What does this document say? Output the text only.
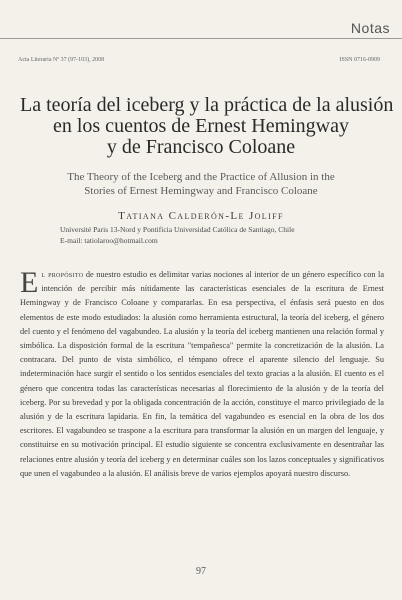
Notas
Acta Literaria Nº 37 (97-103), 2008	ISSN 0716-0909
La teoría del iceberg y la práctica de la alusión
en los cuentos de Ernest Hemingway
y de Francisco Coloane
The Theory of the Iceberg and the Practice of Allusion in the
Stories of Ernest Hemingway and Francisco Coloane
Tatiana Calderón-Le Joliff
Université Paris 13-Nord y Pontificia Universidad Católica de Santiago, Chile
E-mail: tatiolaroo@hotmail.com
El propósito de nuestro estudio es delimitar varias nociones al interior de un género específico con la intención de percibir más nítidamente las características esenciales de la escritura de Ernest Hemingway y de Francisco Coloane y compararlas. En esa perspectiva, el énfasis será puesto en dos elementos de este modo estudiados: la alusión como herramienta estructural, la teoría del iceberg, el género del cuento y el fenómeno del vagabundeo. La alusión y la teoría del iceberg mantienen una relación formal y simbólica. La disposición formal de la escritura "tempañesca" permite la concretización de la alusión. La contracara. Del punto de vista simbólico, el témpano ofrece el aparente silencio del lenguaje. Su indeterminación hace surgir el sentido o los sentidos esenciales del texto gracias a la alusión. El cuento es el género que concentra todas las características necesarias al florecimiento de la alusión y de la teoría del iceberg. Por su brevedad y por la obligada concentración de la acción, constituye el marco privilegiado de la alusión y de la escritura lapidaria. En fin, la temática del vagabundeo es esencial en la obra de los dos escritores. El vagabundeo se traspone a la escritura para transformar la alusión en un margen del lenguaje, y constituirse en su motivación principal. El estudio siguiente se concentra exclusivamente en desentrañar las relaciones entre alusión y teoría del iceberg y en determinar cuáles son los lazos conceptuales y significativos que unen el vagabundeo a la alusión. El análisis breve de varios ejemplos apoyará nuestro discurso.
97
